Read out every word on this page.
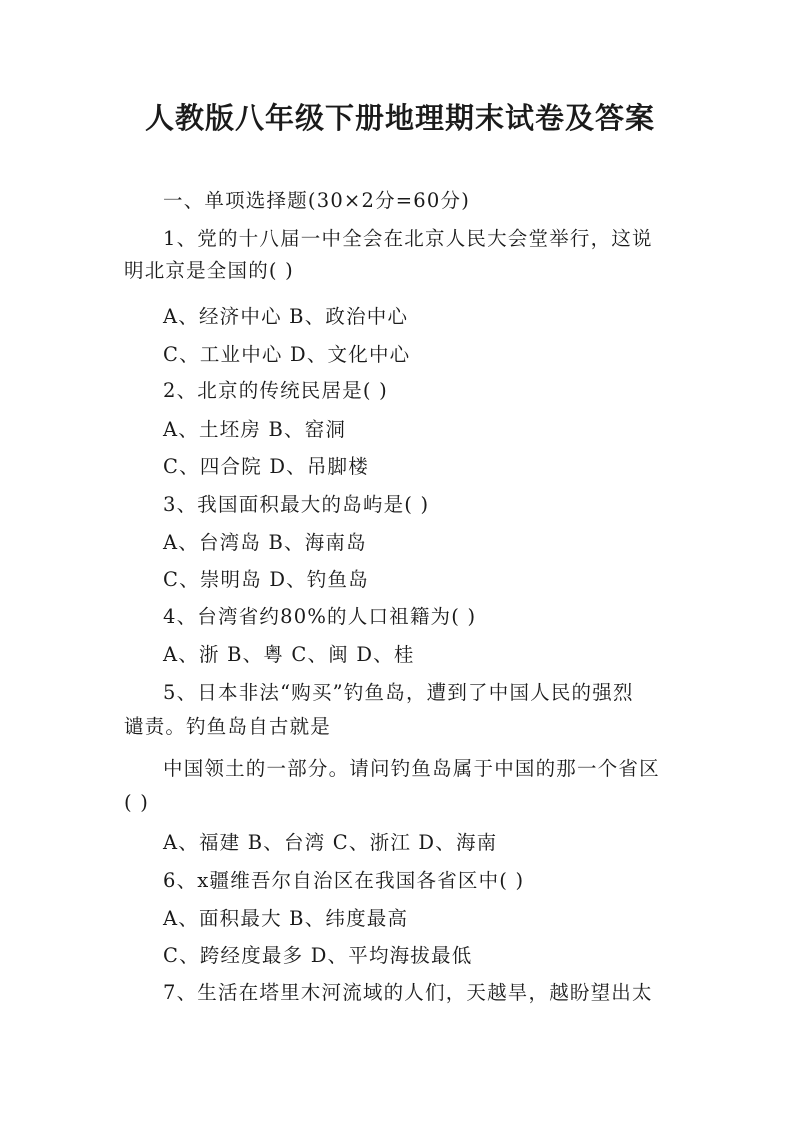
人教版八年级下册地理期末试卷及答案
一、单项选择题(30×2分=60分)
1、党的十八届一中全会在北京人民大会堂举行，这说
明北京是全国的( )
A、经济中心 B、政治中心
C、工业中心 D、文化中心
2、北京的传统民居是( )
A、土坯房 B、窑洞
C、四合院 D、吊脚楼
3、我国面积最大的岛屿是( )
A、台湾岛 B、海南岛
C、崇明岛 D、钓鱼岛
4、台湾省约80%的人口祖籍为( )
A、浙 B、粤 C、闽 D、桂
5、日本非法“购买”钓鱼岛，遭到了中国人民的强烈
谴责。钓鱼岛自古就是
中国领土的一部分。请问钓鱼岛属于中国的那一个省区
( )
A、福建 B、台湾 C、浙江 D、海南
6、x疆维吾尔自治区在我国各省区中( )
A、面积最大 B、纬度最高
C、跨经度最多 D、平均海拔最低
7、生活在塔里木河流域的人们，天越旱，越盼望出太
